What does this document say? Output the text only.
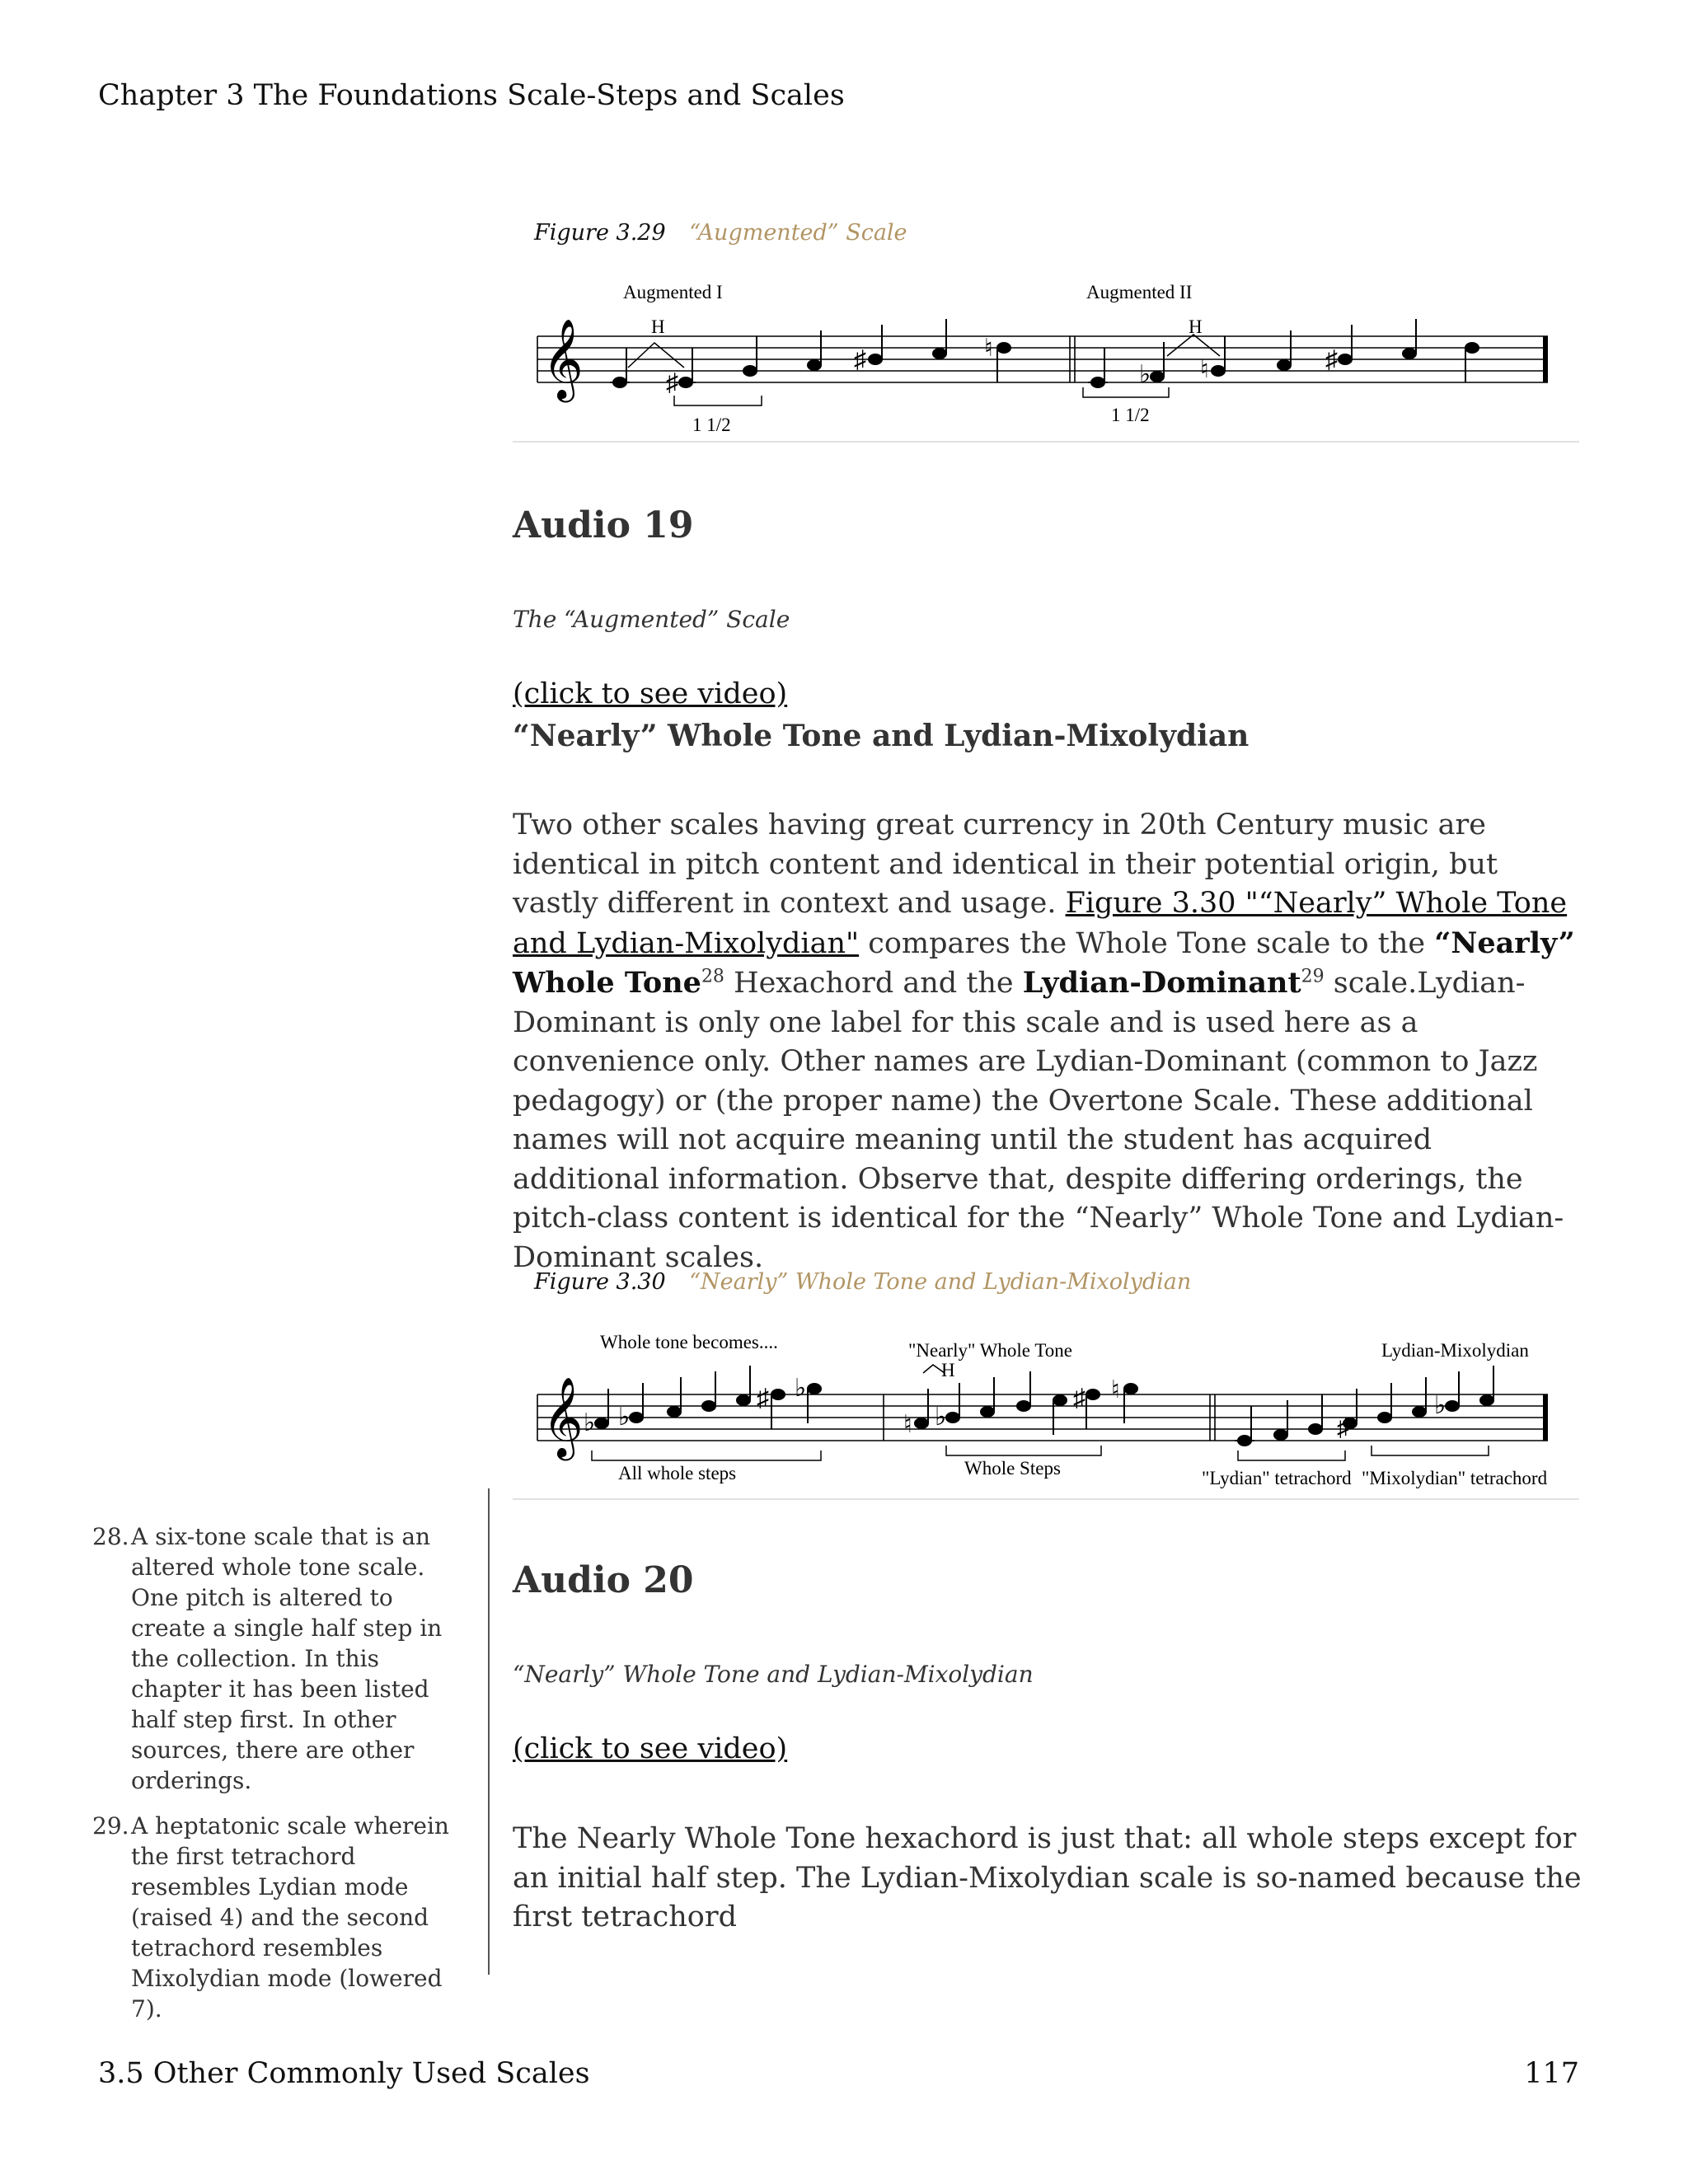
Chapter 3 The Foundations Scale-Steps and Scales
Figure 3.29 “Augmented” Scale
𝄞	♯
♯	♮
♭ ♮	♯
Augmented I	Augmented II
H	H
1 1/2	1 1/2
Audio 19
The “Augmented” Scale
(click to see video)
“Nearly” Whole Tone and Lydian-Mixolydian
Two other scales having great currency in 20th Century music are identical in pitch content and identical in their potential origin, but vastly different in context and usage. Figure 3.30 "“Nearly” Whole Tone and Lydian-Mixolydian" compares the Whole Tone scale to the “Nearly” Whole Tone$^{28}$ Hexachord and the Lydian-Dominant$^{29}$ scale.Lydian-Dominant is only one label for this scale and is used here as a convenience only. Other names are Lydian-Dominant (common to Jazz pedagogy) or (the proper name) the Overtone Scale. These additional names will not acquire meaning until the student has acquired additional information. Observe that, despite differing orderings, the pitch-class content is identical for the “Nearly” Whole Tone and Lydian-Dominant scales.
Figure 3.30 “Nearly” Whole Tone and Lydian-Mixolydian
𝄞 ♭ ♭
♯ ♭
♮ ♭
♯ ♮
♯
♭
Whole tone becomes....	"Nearly" Whole Tone
H
Lydian-Mixolydian
All whole steps	Whole Steps	"Lydian" tetrachord "Mixolydian" tetrachord
28. A six-tone scale that is an altered whole tone scale. One pitch is altered to create a single half step in the collection. In this chapter it has been listed half step first. In other sources, there are other orderings.
29. A heptatonic scale wherein the first tetrachord resembles Lydian mode (raised 4) and the second tetrachord resembles Mixolydian mode (lowered 7).
Audio 20
“Nearly” Whole Tone and Lydian-Mixolydian
(click to see video)
The Nearly Whole Tone hexachord is just that: all whole steps except for an initial half step. The Lydian-Mixolydian scale is so-named because the first tetrachord
3.5 Other Commonly Used Scales	117
